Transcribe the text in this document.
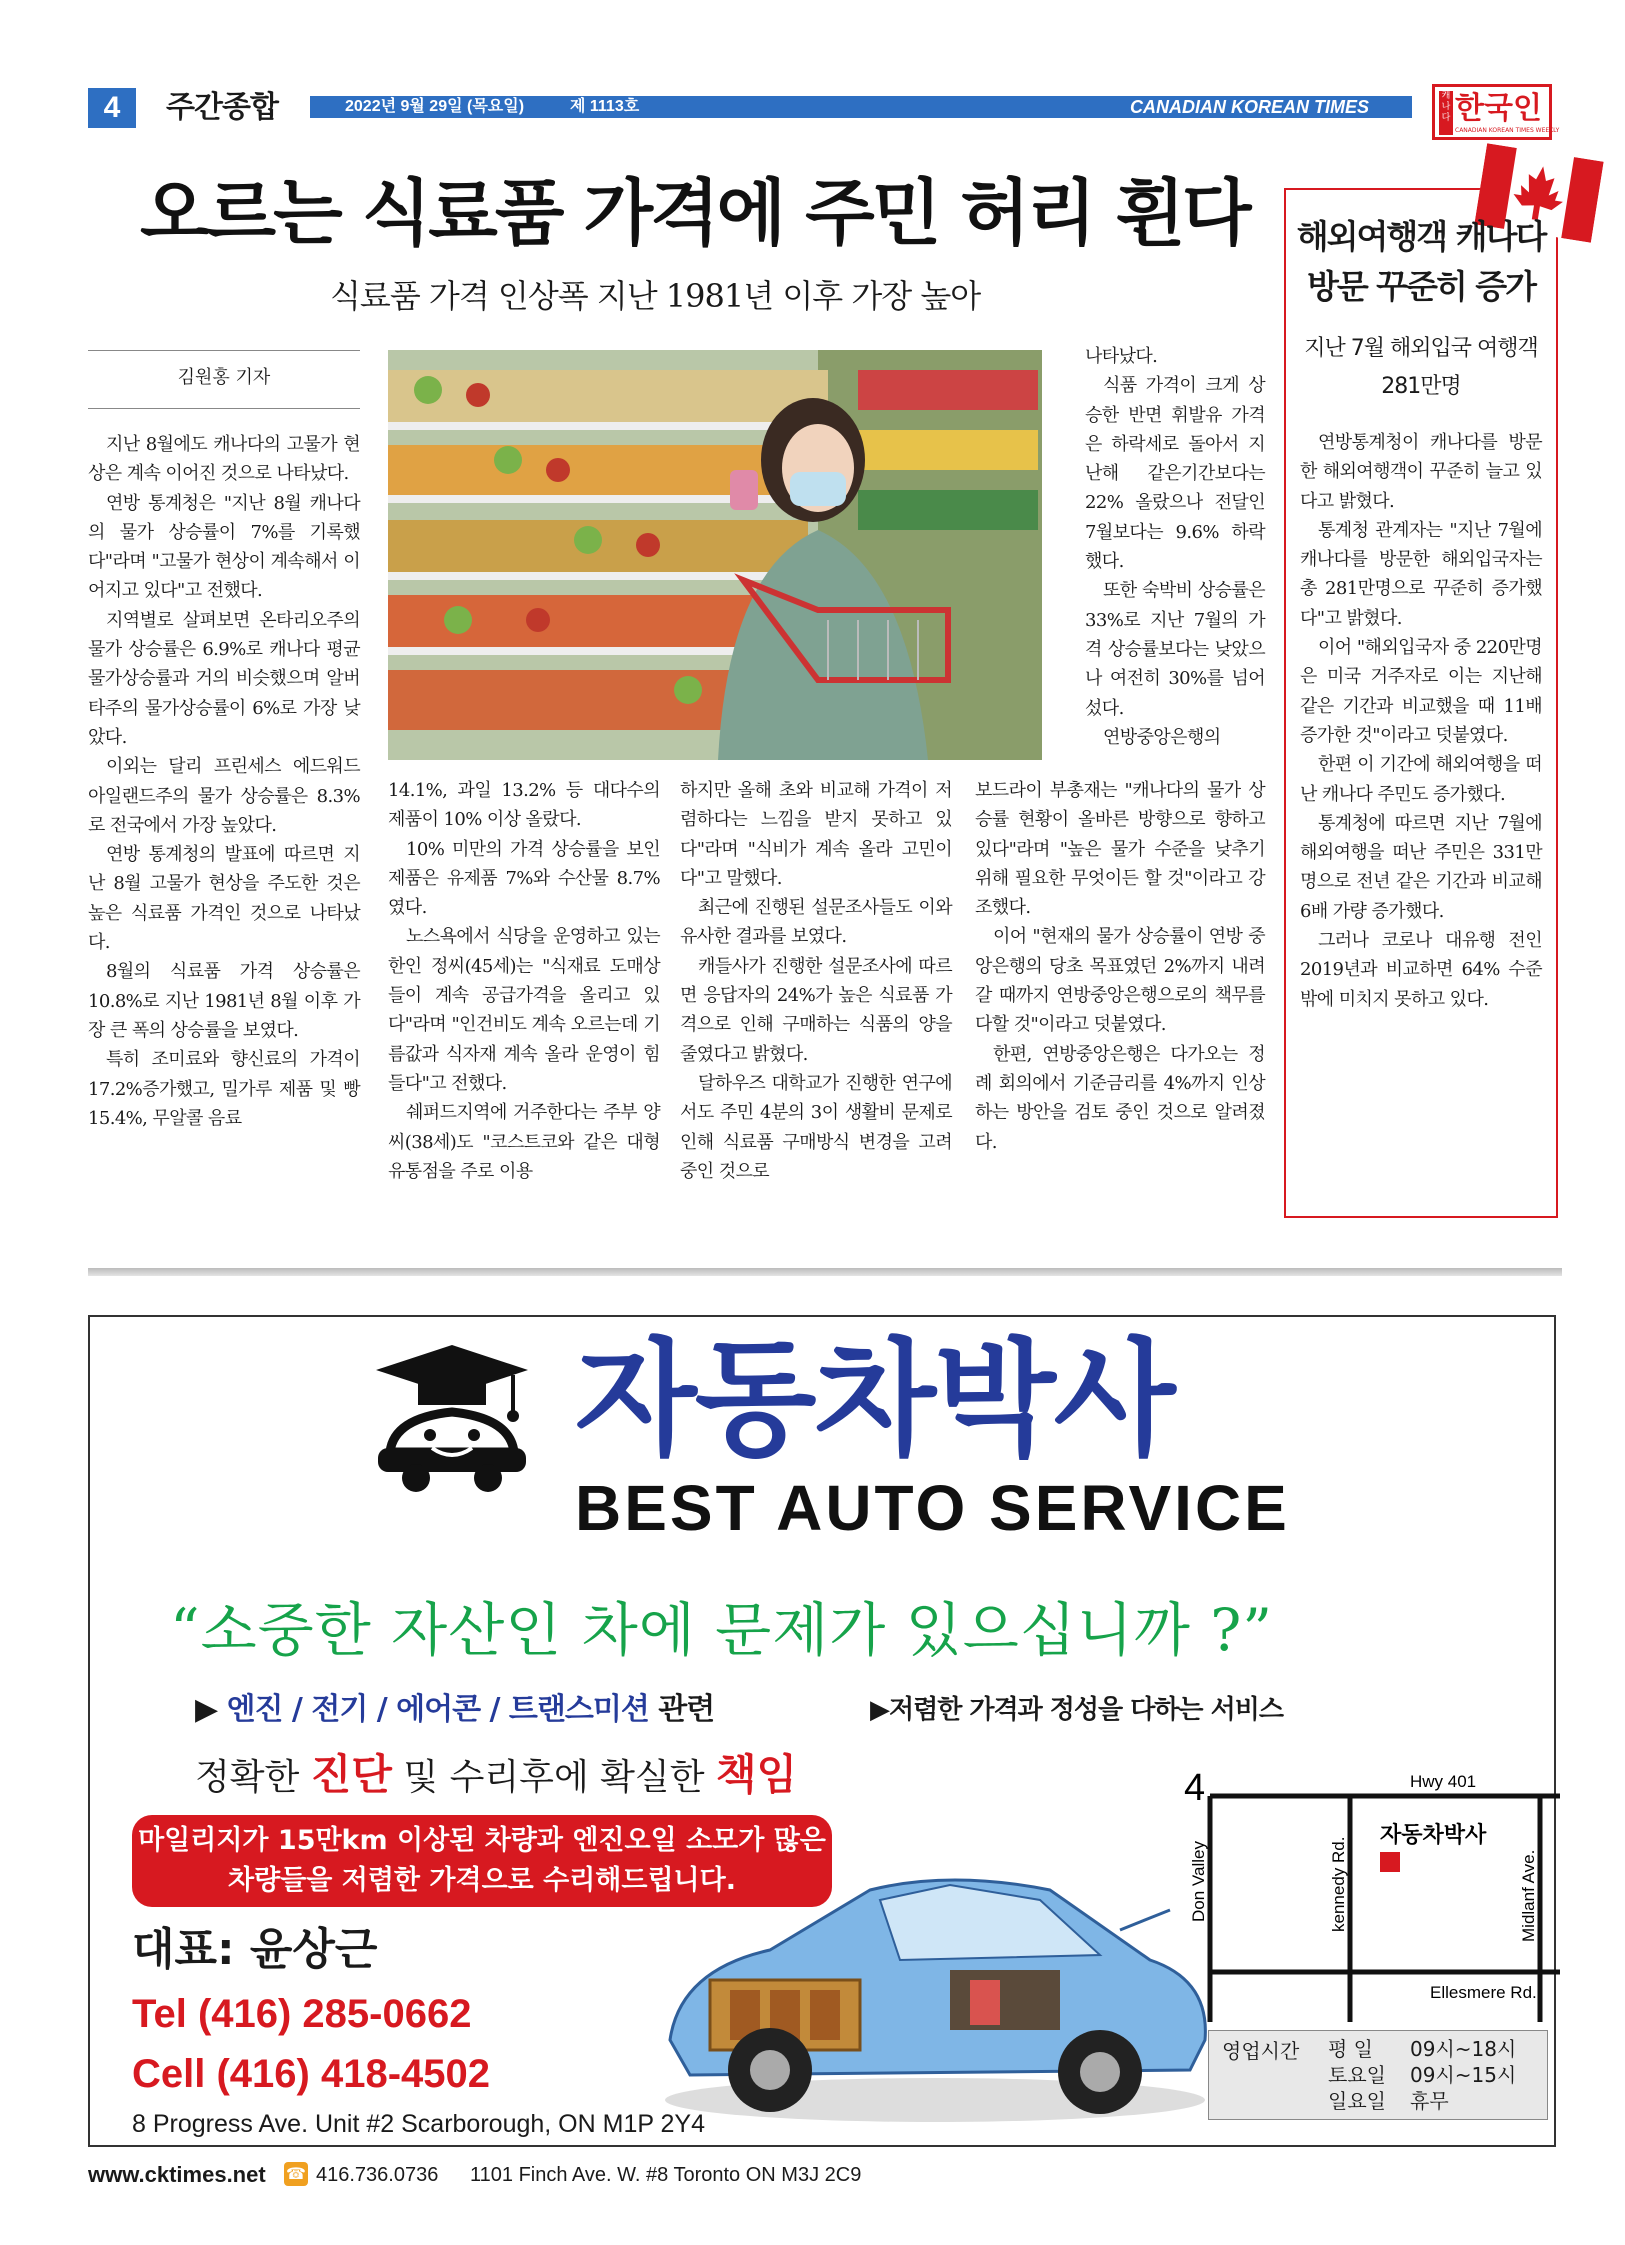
4	주간종합	2022년 9월 29일 (목요일)	제 1113호	CANADIAN KOREAN TIMES
캐나다 한국인
CANADIAN KOREAN TIMES WEEKLY
오르는 식료품 가격에 주민 허리 휜다
식료품 가격 인상폭 지난 1981년 이후 가장 높아
김원홍 기자

지난 8월에도 캐나다의 고물가 현상은 계속 이어진 것으로 나타났다.

연방 통계청은 "지난 8월 캐나다의 물가 상승률이 7%를 기록했다"라며 "고물가 현상이 계속해서 이어지고 있다"고 전했다.

지역별로 살펴보면 온타리오주의 물가 상승률은 6.9%로 캐나다 평균 물가상승률과 거의 비슷했으며 알버타주의 물가상승률이 6%로 가장 낮았다.

이외는 달리 프린세스 에드워드 아일랜드주의 물가 상승률은 8.3%로 전국에서 가장 높았다.

연방 통계청의 발표에 따르면 지난 8월 고물가 현상을 주도한 것은 높은 식료품 가격인 것으로 나타났다.

8월의 식료품 가격 상승률은 10.8%로 지난 1981년 8월 이후 가장 큰 폭의 상승률을 보였다.

특히 조미료와 향신료의 가격이 17.2%증가했고, 밀가루 제품 및 빵 15.4%, 무알콜 음료

14.1%, 과일 13.2% 등 대다수의 제품이 10% 이상 올랐다.

10% 미만의 가격 상승률을 보인 제품은 유제품 7%와 수산물 8.7%였다.

노스욕에서 식당을 운영하고 있는 한인 정씨(45세)는 "식재료 도매상들이 계속 공급가격을 올리고 있다"라며 "인건비도 계속 오르는데 기름값과 식자재 계속 올라 운영이 힘들다"고 전했다.

쉐퍼드지역에 거주한다는 주부 양씨(38세)도 "코스트코와 같은 대형 유통점을 주로 이용

하지만 올해 초와 비교해 가격이 저렴하다는 느낌을 받지 못하고 있다"라며 "식비가 계속 올라 고민이다"고 말했다.

최근에 진행된 설문조사들도 이와 유사한 결과를 보였다.

캐들사가 진행한 설문조사에 따르면 응답자의 24%가 높은 식료품 가격으로 인해 구매하는 식품의 양을 줄였다고 밝혔다.

달하우즈 대학교가 진행한 연구에서도 주민 4분의 3이 생활비 문제로 인해 식료품 구매방식 변경을 고려 중인 것으로

나타났다.

식품 가격이 크게 상승한 반면 휘발유 가격은 하락세로 돌아서 지난해 같은기간보다는 22% 올랐으나 전달인 7월보다는 9.6% 하락했다.

또한 숙박비 상승률은 33%로 지난 7월의 가격 상승률보다는 낮았으나 여전히 30%를 넘어섰다.

연방중앙은행의

보드라이 부총재는 "캐나다의 물가 상승률 현황이 올바른 방향으로 향하고 있다"라며 "높은 물가 수준을 낮추기 위해 필요한 무엇이든 할 것"이라고 강조했다.

이어 "현재의 물가 상승률이 연방 중앙은행의 당초 목표였던 2%까지 내려갈 때까지 연방중앙은행으로의 책무를 다할 것"이라고 덧붙였다.

한편, 연방중앙은행은 다가오는 정례 회의에서 기준금리를 4%까지 인상하는 방안을 검토 중인 것으로 알려졌다.

해외여행객 캐나다 방문 꾸준히 증가
지난 7월 해외입국 여행객 281만명

연방통계청이 캐나다를 방문한 해외여행객이 꾸준히 늘고 있다고 밝혔다.

통계청 관계자는 "지난 7월에 캐나다를 방문한 해외입국자는 총 281만명으로 꾸준히 증가했다"고 밝혔다.

이어 "해외입국자 중 220만명은 미국 거주자로 이는 지난해 같은 기간과 비교했을 때 11배 증가한 것"이라고 덧붙였다.

한편 이 기간에 해외여행을 떠난 캐나다 주민도 증가했다.

통계청에 따르면 지난 7월에 해외여행을 떠난 주민은 331만명으로 전년 같은 기간과 비교해 6배 가량 증가했다.

그러나 코로나 대유행 전인 2019년과 비교하면 64% 수준밖에 미치지 못하고 있다.

자동차박사
BEST AUTO SERVICE
“소중한 자산인 차에 문제가 있으십니까 ?”
▶ 엔진 / 전기 / 에어콘 / 트랜스미션 관련	▶저렴한 가격과 정성을 다하는 서비스
정확한 진단 및 수리후에 확실한 책임
마일리지가 15만km 이상된 차량과 엔진오일 소모가 많은
차량들을 저렴한 가격으로 수리해드립니다.
대표: 윤상근
Tel (416) 285-0662
Cell (416) 418-4502
8 Progress Ave. Unit #2 Scarborough, ON M1P 2Y4
4	Hwy 401
자동차박사
Ellesmere Rd.
Don Valley	kennedy Rd.	Midlanf Ave.
영업시간 평 일 09시~18시
토요일 09시~15시
일요일 휴무
www.cktimes.net ☎ 416.736.0736 1101 Finch Ave. W. #8 Toronto ON M3J 2C9
